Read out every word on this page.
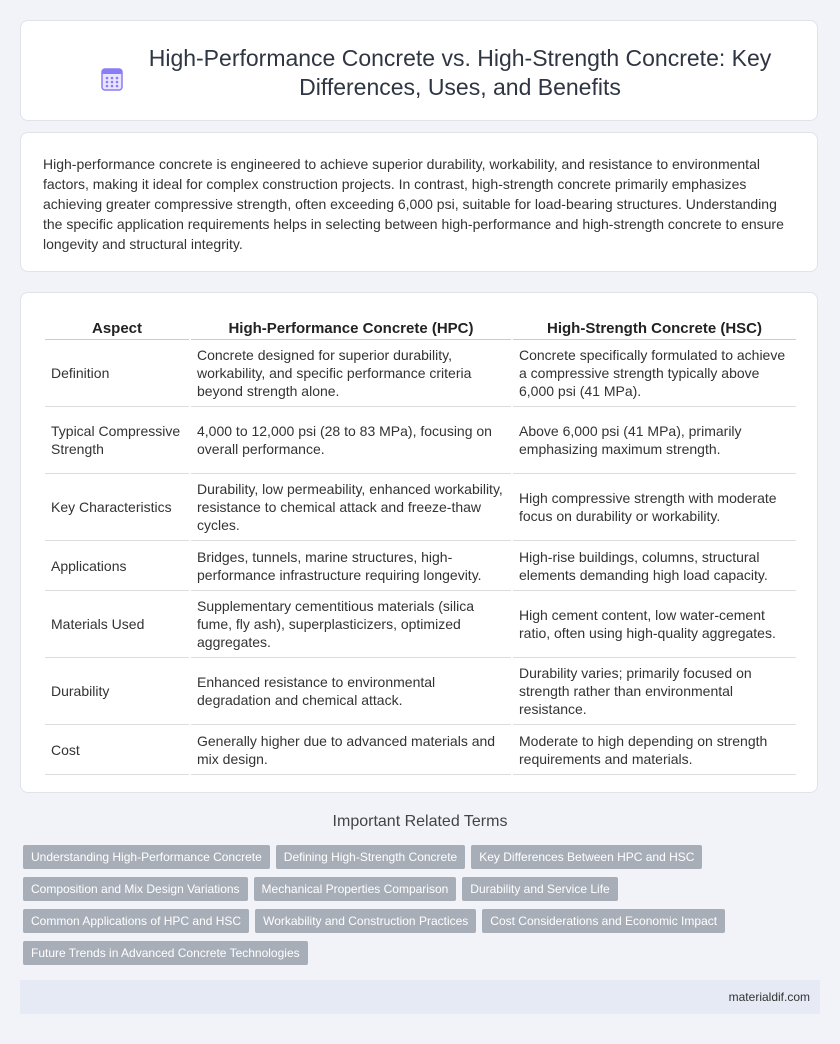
High-Performance Concrete vs. High-Strength Concrete: Key Differences, Uses, and Benefits

High-performance concrete is engineered to achieve superior durability, workability, and resistance to environmental factors, making it ideal for complex construction projects. In contrast, high-strength concrete primarily emphasizes achieving greater compressive strength, often exceeding 6,000 psi, suitable for load-bearing structures. Understanding the specific application requirements helps in selecting between high-performance and high-strength concrete to ensure longevity and structural integrity.

Aspect	High-Performance Concrete (HPC)	High-Strength Concrete (HSC)
Definition	Concrete designed for superior durability, workability, and specific performance criteria beyond strength alone.	Concrete specifically formulated to achieve a compressive strength typically above 6,000 psi (41 MPa).
Typical Compressive Strength	4,000 to 12,000 psi (28 to 83 MPa), focusing on overall performance.	Above 6,000 psi (41 MPa), primarily emphasizing maximum strength.
Key Characteristics	Durability, low permeability, enhanced workability, resistance to chemical attack and freeze-thaw cycles.	High compressive strength with moderate focus on durability or workability.
Applications	Bridges, tunnels, marine structures, high-performance infrastructure requiring longevity.	High-rise buildings, columns, structural elements demanding high load capacity.
Materials Used	Supplementary cementitious materials (silica fume, fly ash), superplasticizers, optimized aggregates.	High cement content, low water-cement ratio, often using high-quality aggregates.
Durability	Enhanced resistance to environmental degradation and chemical attack.	Durability varies; primarily focused on strength rather than environmental resistance.
Cost	Generally higher due to advanced materials and mix design.	Moderate to high depending on strength requirements and materials.
Important Related Terms
Understanding High-Performance Concrete Defining High-Strength Concrete Key Differences Between HPC and HSCComposition and Mix Design Variations Mechanical Properties Comparison Durability and Service LifeCommon Applications of HPC and HSC Workability and Construction Practices Cost Considerations and Economic ImpactFuture Trends in Advanced Concrete Technologies
materialdif.com
